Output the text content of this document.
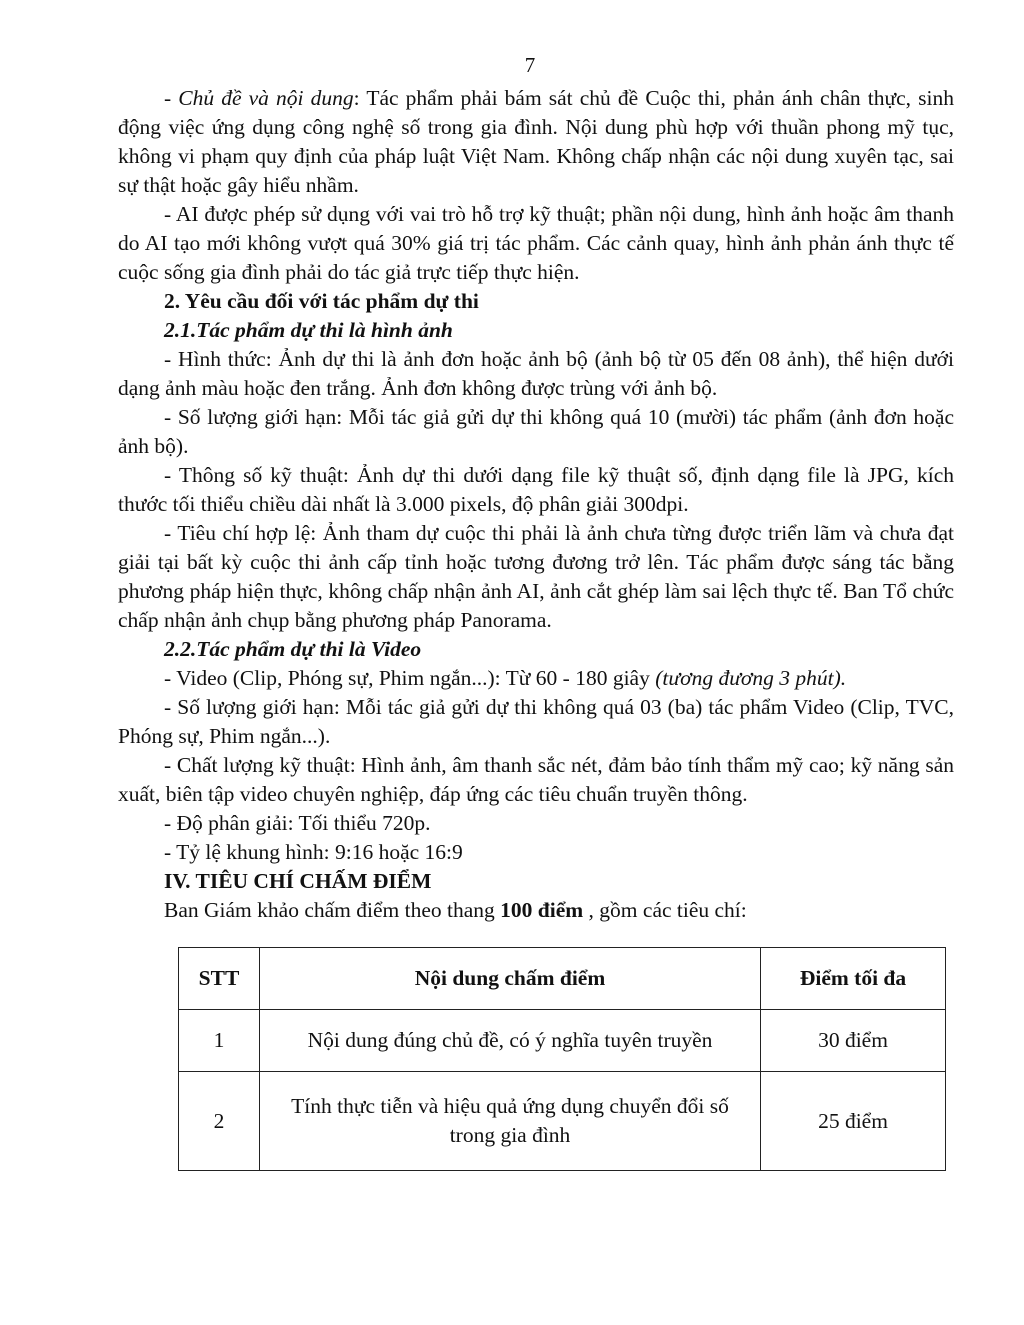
7

- Chủ đề và nội dung: Tác phẩm phải bám sát chủ đề Cuộc thi, phản ánh chân thực, sinh động việc ứng dụng công nghệ số trong gia đình. Nội dung phù hợp với thuần phong mỹ tục, không vi phạm quy định của pháp luật Việt Nam. Không chấp nhận các nội dung xuyên tạc, sai sự thật hoặc gây hiểu nhầm.

- AI được phép sử dụng với vai trò hỗ trợ kỹ thuật; phần nội dung, hình ảnh hoặc âm thanh do AI tạo mới không vượt quá 30% giá trị tác phẩm. Các cảnh quay, hình ảnh phản ánh thực tế cuộc sống gia đình phải do tác giả trực tiếp thực hiện.

2. Yêu cầu đối với tác phẩm dự thi

2.1.Tác phẩm dự thi là hình ảnh

- Hình thức: Ảnh dự thi là ảnh đơn hoặc ảnh bộ (ảnh bộ từ 05 đến 08 ảnh), thể hiện dưới dạng ảnh màu hoặc đen trắng. Ảnh đơn không được trùng với ảnh bộ.

- Số lượng giới hạn: Mỗi tác giả gửi dự thi không quá 10 (mười) tác phẩm (ảnh đơn hoặc ảnh bộ).

- Thông số kỹ thuật: Ảnh dự thi dưới dạng file kỹ thuật số, định dạng file là JPG, kích thước tối thiểu chiều dài nhất là 3.000 pixels, độ phân giải 300dpi.

- Tiêu chí hợp lệ: Ảnh tham dự cuộc thi phải là ảnh chưa từng được triển lãm và chưa đạt giải tại bất kỳ cuộc thi ảnh cấp tỉnh hoặc tương đương trở lên. Tác phẩm được sáng tác bằng phương pháp hiện thực, không chấp nhận ảnh AI, ảnh cắt ghép làm sai lệch thực tế. Ban Tổ chức chấp nhận ảnh chụp bằng phương pháp Panorama.

2.2.Tác phẩm dự thi là Video

- Video (Clip, Phóng sự, Phim ngắn...): Từ 60 - 180 giây (tương đương 3 phút).

- Số lượng giới hạn: Mỗi tác giả gửi dự thi không quá 03 (ba) tác phẩm Video (Clip, TVC, Phóng sự, Phim ngắn...).

- Chất lượng kỹ thuật: Hình ảnh, âm thanh sắc nét, đảm bảo tính thẩm mỹ cao; kỹ năng sản xuất, biên tập video chuyên nghiệp, đáp ứng các tiêu chuẩn truyền thông.

- Độ phân giải: Tối thiểu 720p.

- Tỷ lệ khung hình: 9:16 hoặc 16:9

IV. TIÊU CHÍ CHẤM ĐIỂM

Ban Giám khảo chấm điểm theo thang 100 điểm , gồm các tiêu chí:

STT	Nội dung chấm điểm	Điểm tối đa
1	Nội dung đúng chủ đề, có ý nghĩa tuyên truyền	30 điểm
2	Tính thực tiễn và hiệu quả ứng dụng chuyển đổi số trong gia đình	25 điểm
